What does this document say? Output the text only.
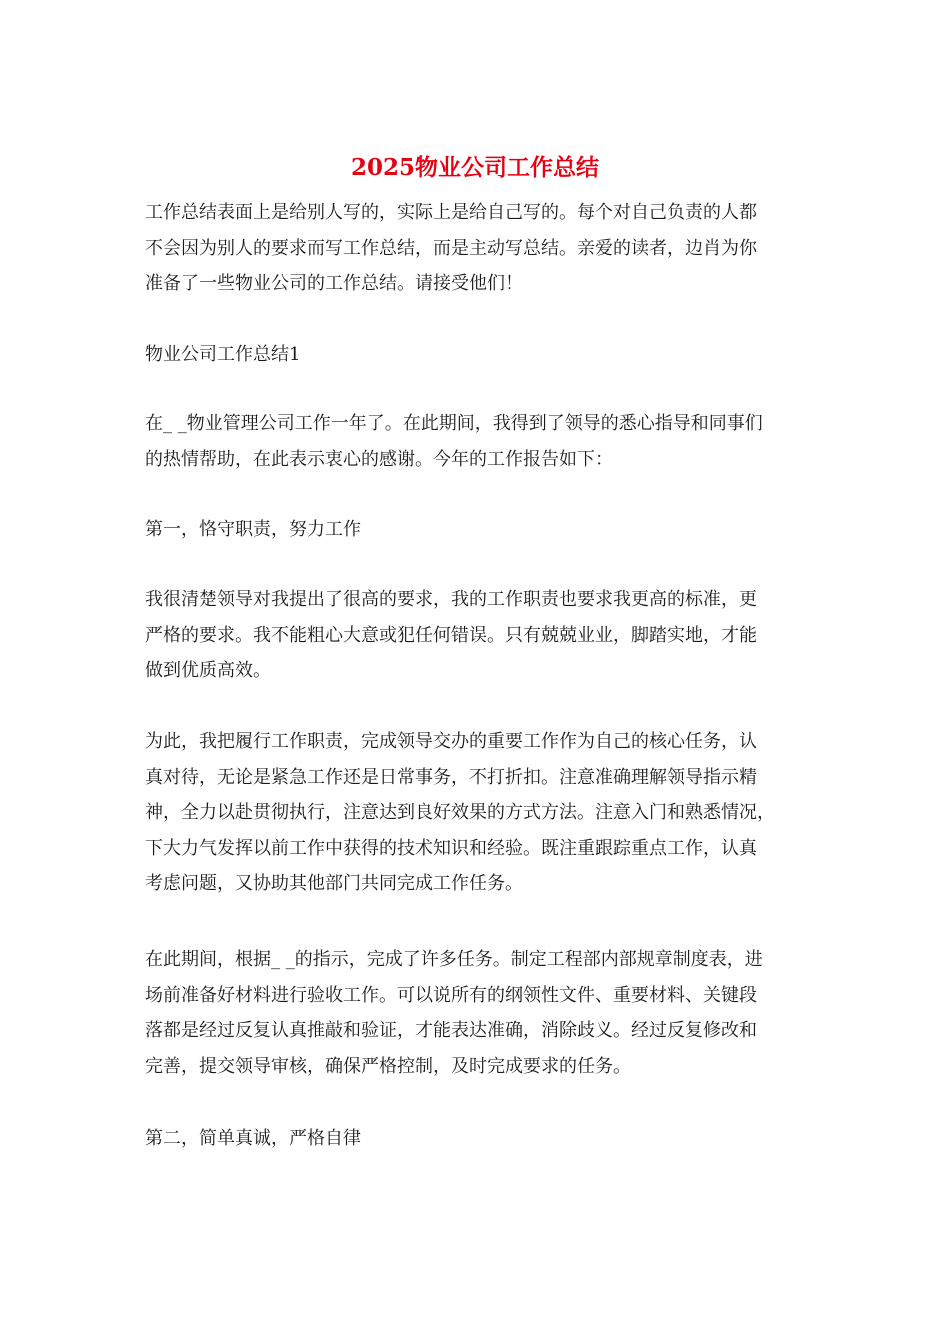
2025物业公司工作总结

工作总结表面上是给别人写的，实际上是给自己写的。每个对自己负责的人都
不会因为别人的要求而写工作总结，而是主动写总结。亲爱的读者，边肖为你
准备了一些物业公司的工作总结。请接受他们！

物业公司工作总结1

在_ _物业管理公司工作一年了。在此期间，我得到了领导的悉心指导和同事们
的热情帮助，在此表示衷心的感谢。今年的工作报告如下：

第一，恪守职责，努力工作

我很清楚领导对我提出了很高的要求，我的工作职责也要求我更高的标准，更
严格的要求。我不能粗心大意或犯任何错误。只有兢兢业业，脚踏实地，才能
做到优质高效。

为此，我把履行工作职责，完成领导交办的重要工作作为自己的核心任务，认
真对待，无论是紧急工作还是日常事务，不打折扣。注意准确理解领导指示精
神，全力以赴贯彻执行，注意达到良好效果的方式方法。注意入门和熟悉情况，
下大力气发挥以前工作中获得的技术知识和经验。既注重跟踪重点工作，认真
考虑问题，又协助其他部门共同完成工作任务。

在此期间，根据_ _的指示，完成了许多任务。制定工程部内部规章制度表，进
场前准备好材料进行验收工作。可以说所有的纲领性文件、重要材料、关键段
落都是经过反复认真推敲和验证，才能表达准确，消除歧义。经过反复修改和
完善，提交领导审核，确保严格控制，及时完成要求的任务。

第二，简单真诚，严格自律
